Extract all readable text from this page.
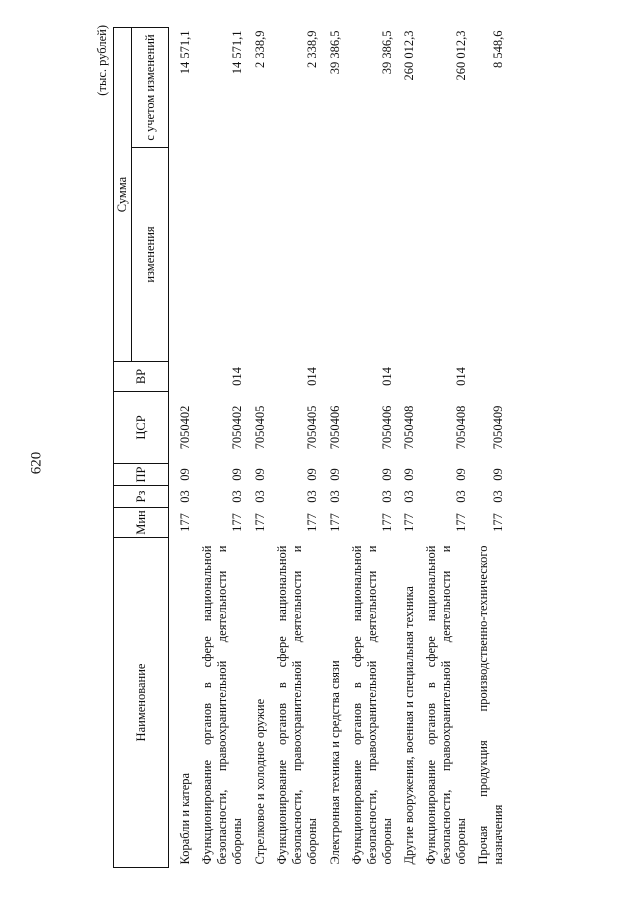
620
(тыс. рублей)
Наименование	Мин	Рз	ПР	ЦСР	ВР	Сумма	
						изменения	с учетом изменений
Корабли и катера	177	03	09	7050402			14 571,1
Функционирование органов в сфере национальной безопасности, правоохранительной деятельности и обороны	177	03	09	7050402	014		14 571,1
Стрелковое и холодное оружие	177	03	09	7050405			2 338,9
Функционирование органов в сфере национальной безопасности, правоохранительной деятельности и обороны	177	03	09	7050405	014		2 338,9
Электронная техника и средства связи	177	03	09	7050406			39 386,5
Функционирование органов в сфере национальной безопасности, правоохранительной деятельности и обороны	177	03	09	7050406	014		39 386,5
Другие вооружения, военная и специальная техника	177	03	09	7050408			260 012,3
Функционирование органов в сфере национальной безопасности, правоохранительной деятельности и обороны	177	03	09	7050408	014		260 012,3
Прочая продукция производственно-технического назначения	177	03	09	7050409			8 548,6
